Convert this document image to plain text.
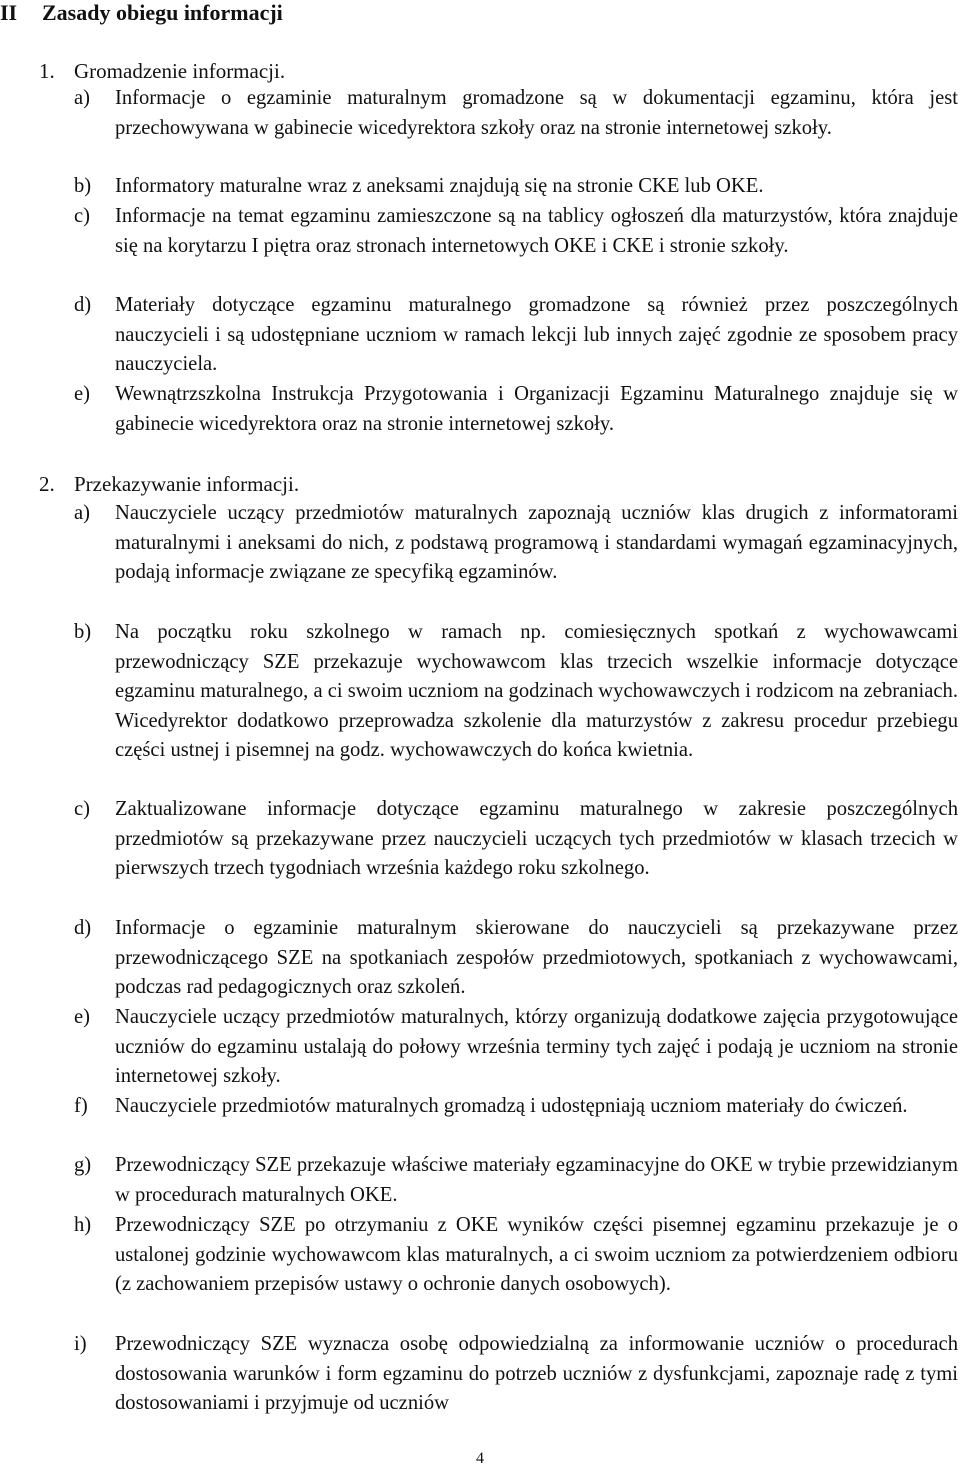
II Zasady obiegu informacji
1. Gromadzenie informacji.
a) Informacje o egzaminie maturalnym gromadzone są w dokumentacji egzaminu, która jest przechowywana w gabinecie wicedyrektora szkoły oraz na stronie internetowej szkoły.
b) Informatory maturalne wraz z aneksami znajdują się na stronie CKE lub OKE.
c) Informacje na temat egzaminu zamieszczone są na tablicy ogłoszeń dla maturzystów, która znajduje się na korytarzu I piętra oraz stronach internetowych OKE i CKE i stronie szkoły.
d) Materiały dotyczące egzaminu maturalnego gromadzone są również przez poszczególnych nauczycieli i są udostępniane uczniom w ramach lekcji lub innych zajęć zgodnie ze sposobem pracy nauczyciela.
e) Wewnątrzszkolna Instrukcja Przygotowania i Organizacji Egzaminu Maturalnego znajduje się w gabinecie wicedyrektora oraz na stronie internetowej szkoły.
2. Przekazywanie informacji.
a) Nauczyciele uczący przedmiotów maturalnych zapoznają uczniów klas drugich z informatorami maturalnymi i aneksami do nich, z podstawą programową i standardami wymagań egzaminacyjnych, podają informacje związane ze specyfiką egzaminów.
b) Na początku roku szkolnego w ramach np. comiesięcznych spotkań z wychowawcami przewodniczący SZE przekazuje wychowawcom klas trzecich wszelkie informacje dotyczące egzaminu maturalnego, a ci swoim uczniom na godzinach wychowawczych i rodzicom na zebraniach. Wicedyrektor dodatkowo przeprowadza szkolenie dla maturzystów z zakresu procedur przebiegu części ustnej i pisemnej na godz. wychowawczych do końca kwietnia.
c) Zaktualizowane informacje dotyczące egzaminu maturalnego w zakresie poszczególnych przedmiotów są przekazywane przez nauczycieli uczących tych przedmiotów w klasach trzecich w pierwszych trzech tygodniach września każdego roku szkolnego.
d) Informacje o egzaminie maturalnym skierowane do nauczycieli są przekazywane przez przewodniczącego SZE na spotkaniach zespołów przedmiotowych, spotkaniach z wychowawcami, podczas rad pedagogicznych oraz szkoleń.
e) Nauczyciele uczący przedmiotów maturalnych, którzy organizują dodatkowe zajęcia przygotowujące uczniów do egzaminu ustalają do połowy września terminy tych zajęć i podają je uczniom na stronie internetowej szkoły.
f) Nauczyciele przedmiotów maturalnych gromadzą i udostępniają uczniom materiały do ćwiczeń.
g) Przewodniczący SZE przekazuje właściwe materiały egzaminacyjne do OKE w trybie przewidzianym w procedurach maturalnych OKE.
h) Przewodniczący SZE po otrzymaniu z OKE wyników części pisemnej egzaminu przekazuje je o ustalonej godzinie wychowawcom klas maturalnych, a ci swoim uczniom za potwierdzeniem odbioru (z zachowaniem przepisów ustawy o ochronie danych osobowych).
i) Przewodniczący SZE wyznacza osobę odpowiedzialną za informowanie uczniów o procedurach dostosowania warunków i form egzaminu do potrzeb uczniów z dysfunkcjami, zapoznaje radę z tymi dostosowaniami i przyjmuje od uczniów
4
